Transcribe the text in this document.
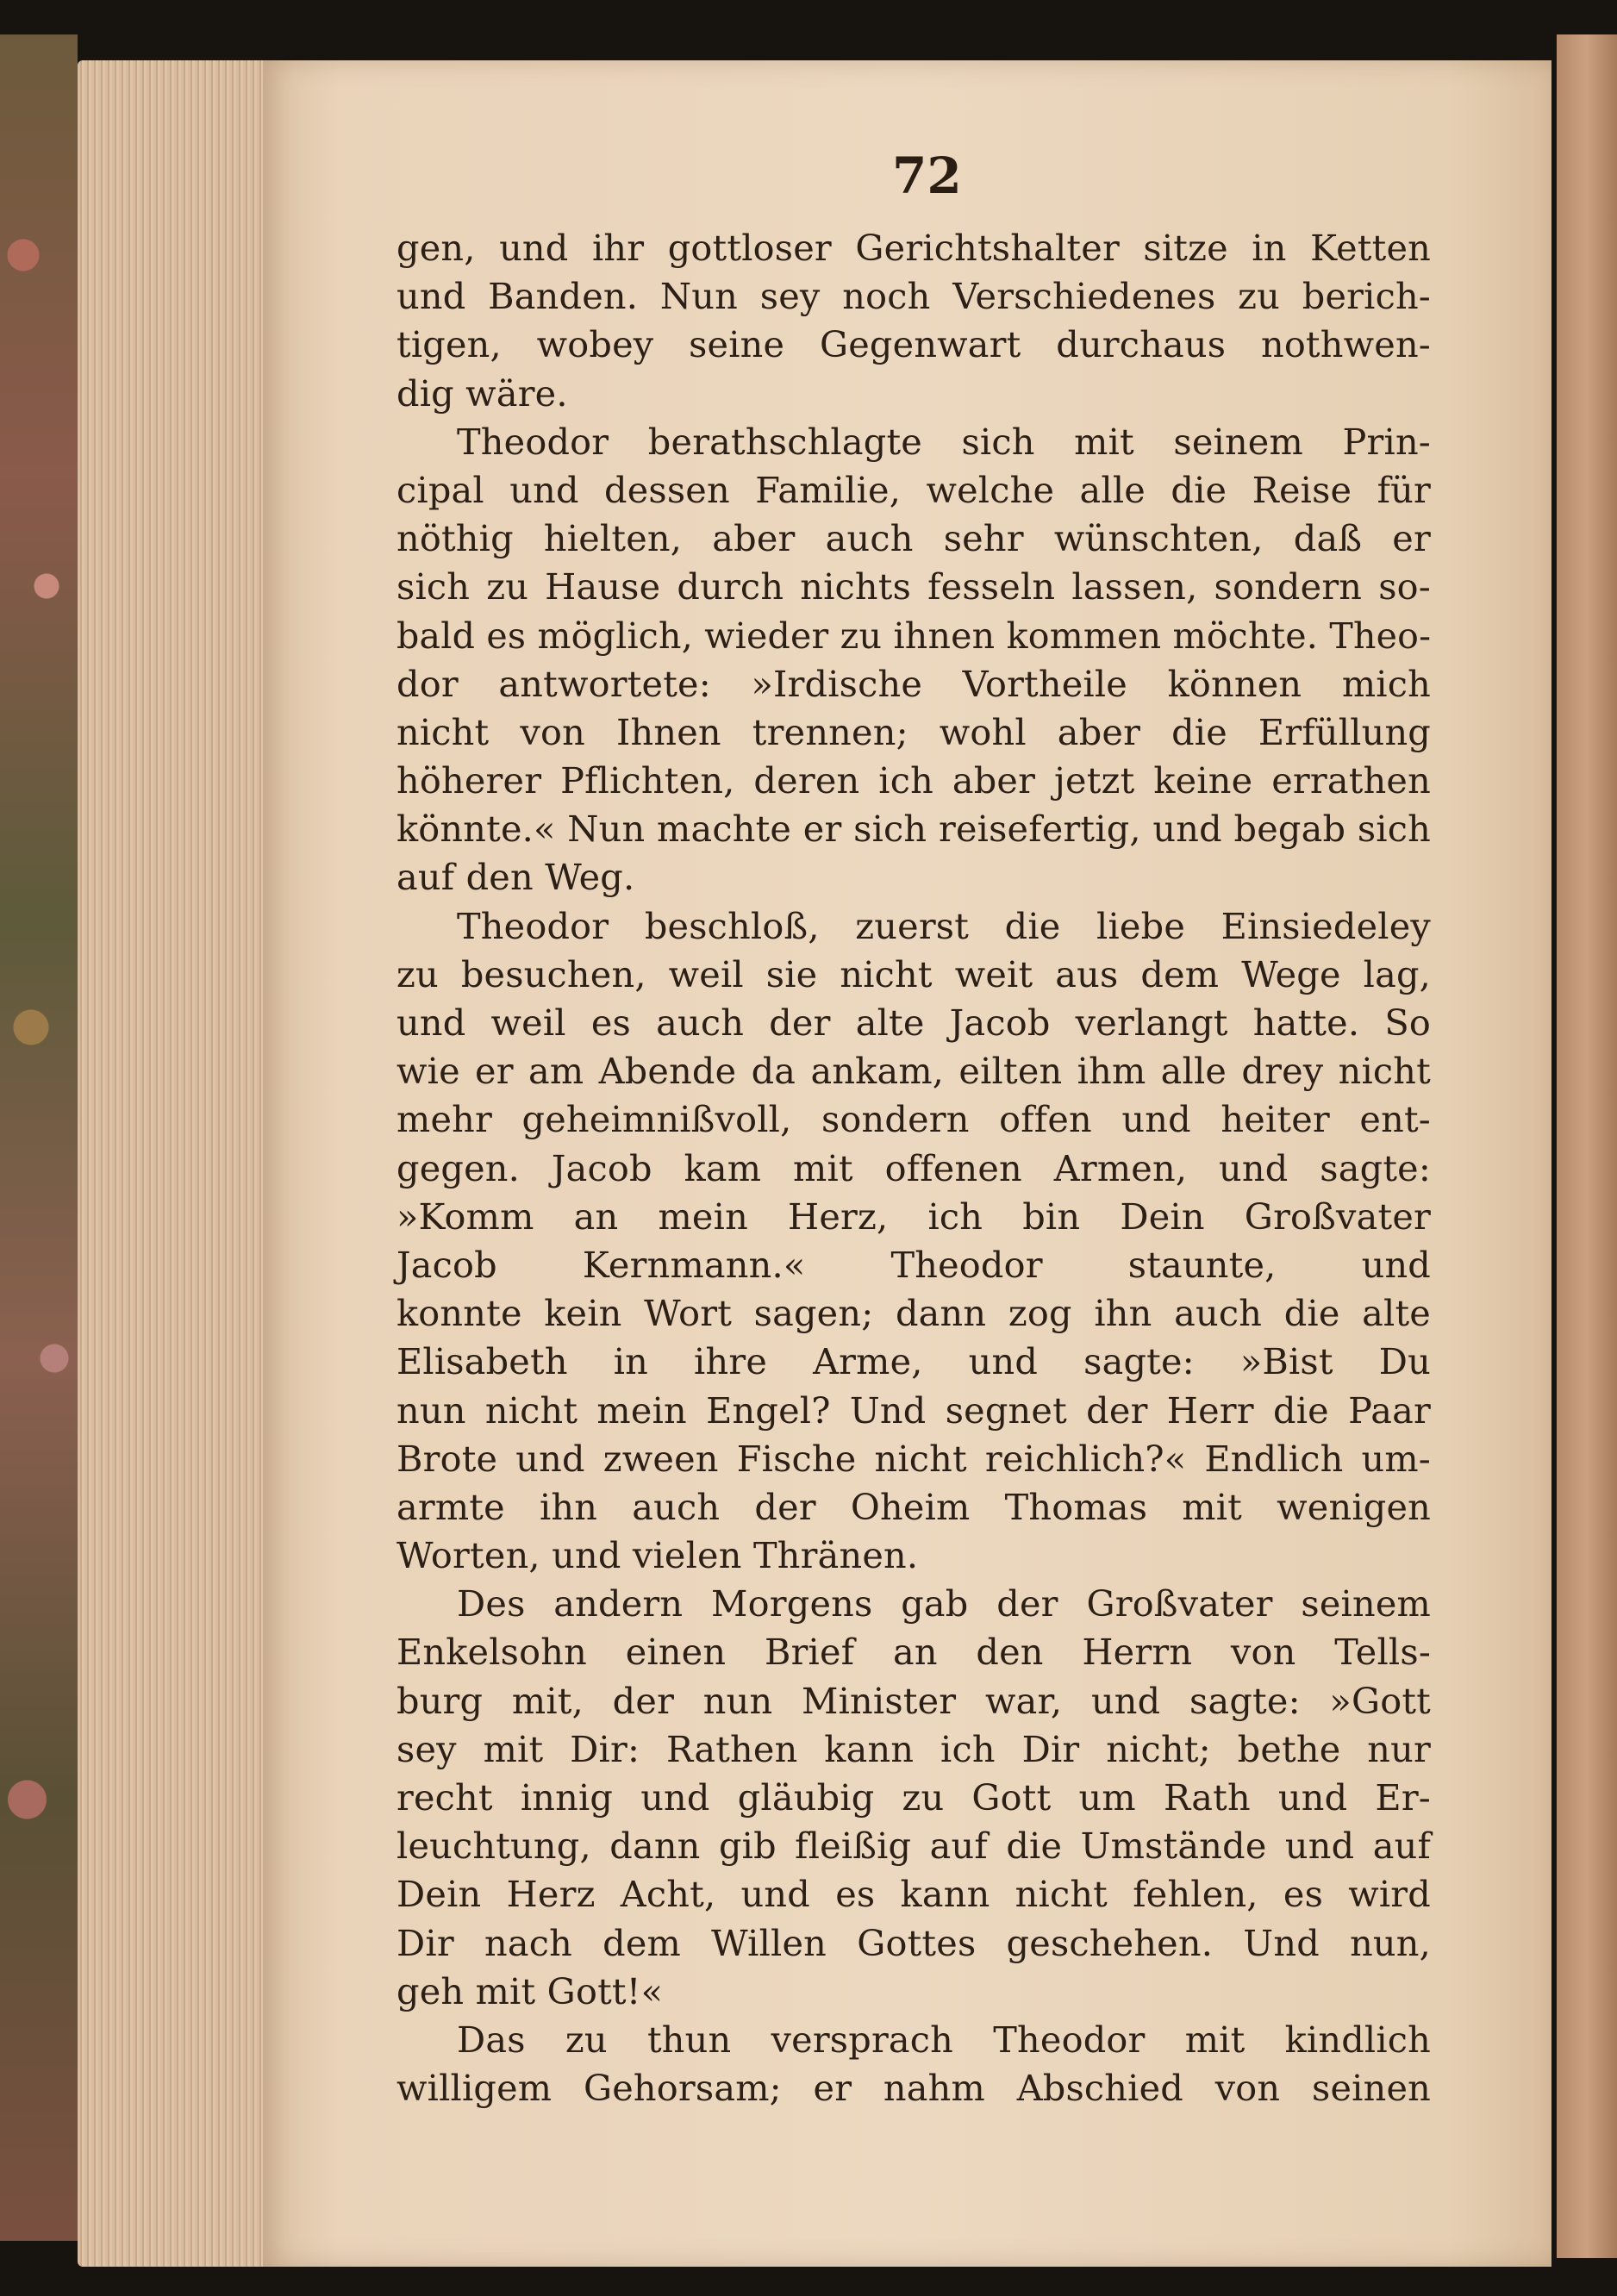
72
gen, und ihr gottloser Gerichtshalter sitze in Ketten
und Banden. Nun sey noch Verschiedenes zu berich-
tigen, wobey seine Gegenwart durchaus nothwen-
dig wäre.
Theodor berathschlagte sich mit seinem Prin-
cipal und dessen Familie, welche alle die Reise für
nöthig hielten, aber auch sehr wünschten, daß er
sich zu Hause durch nichts fesseln lassen, sondern so-
bald es möglich, wieder zu ihnen kommen möchte. Theo-
dor antwortete: »Irdische Vortheile können mich
nicht von Ihnen trennen; wohl aber die Erfüllung
höherer Pflichten, deren ich aber jetzt keine errathen
könnte.« Nun machte er sich reisefertig, und begab sich
auf den Weg.
Theodor beschloß, zuerst die liebe Einsiedeley
zu besuchen, weil sie nicht weit aus dem Wege lag,
und weil es auch der alte Jacob verlangt hatte. So
wie er am Abende da ankam, eilten ihm alle drey nicht
mehr geheimnißvoll, sondern offen und heiter ent-
gegen. Jacob kam mit offenen Armen, und sagte:
»Komm an mein Herz, ich bin Dein Großvater
Jacob Kernmann.« Theodor staunte, und
konnte kein Wort sagen; dann zog ihn auch die alte
Elisabeth in ihre Arme, und sagte: »Bist Du
nun nicht mein Engel? Und segnet der Herr die Paar
Brote und zween Fische nicht reichlich?« Endlich um-
armte ihn auch der Oheim Thomas mit wenigen
Worten, und vielen Thränen.
Des andern Morgens gab der Großvater seinem
Enkelsohn einen Brief an den Herrn von Tells-
burg mit, der nun Minister war, und sagte: »Gott
sey mit Dir: Rathen kann ich Dir nicht; bethe nur
recht innig und gläubig zu Gott um Rath und Er-
leuchtung, dann gib fleißig auf die Umstände und auf
Dein Herz Acht, und es kann nicht fehlen, es wird
Dir nach dem Willen Gottes geschehen. Und nun,
geh mit Gott!«
Das zu thun versprach Theodor mit kindlich
willigem Gehorsam; er nahm Abschied von seinen
